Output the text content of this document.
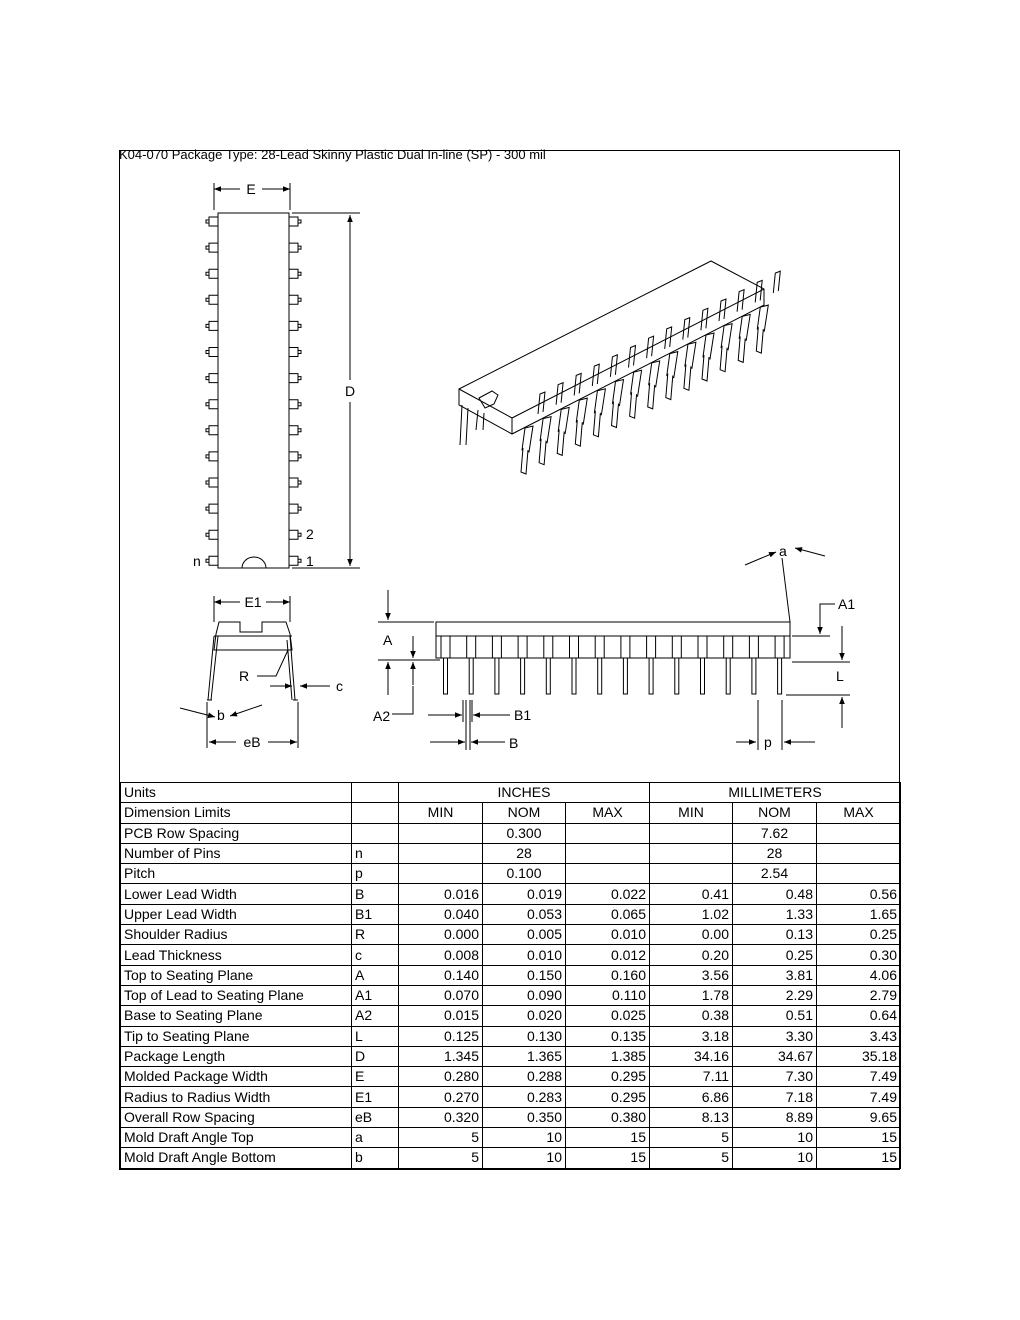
K04-070 Package Type: 28-Lead Skinny Plastic Dual In-line (SP) - 300 mil
E
D
2
1
n
E1
R
c
b
eB
a
A1
A
L
A2	B1
B	p
Units		INCHES			MILLIMETERS		
Dimension Limits		MIN	NOM	MAX	MIN	NOM	MAX
PCB Row Spacing			0.300			7.62	
Number of Pins	n		28			28	
Pitch	p		0.100			2.54	
Lower Lead Width	B	0.016	0.019	0.022	0.41	0.48	0.56
Upper Lead Width	B1	0.040	0.053	0.065	1.02	1.33	1.65
Shoulder Radius	R	0.000	0.005	0.010	0.00	0.13	0.25
Lead Thickness	c	0.008	0.010	0.012	0.20	0.25	0.30
Top to Seating Plane	A	0.140	0.150	0.160	3.56	3.81	4.06
Top of Lead to Seating Plane	A1	0.070	0.090	0.110	1.78	2.29	2.79
Base to Seating Plane	A2	0.015	0.020	0.025	0.38	0.51	0.64
Tip to Seating Plane	L	0.125	0.130	0.135	3.18	3.30	3.43
Package Length	D	1.345	1.365	1.385	34.16	34.67	35.18
Molded Package Width	E	0.280	0.288	0.295	7.11	7.30	7.49
Radius to Radius Width	E1	0.270	0.283	0.295	6.86	7.18	7.49
Overall Row Spacing	eB	0.320	0.350	0.380	8.13	8.89	9.65
Mold Draft Angle Top	a	5	10	15	5	10	15
Mold Draft Angle Bottom	b	5	10	15	5	10	15
